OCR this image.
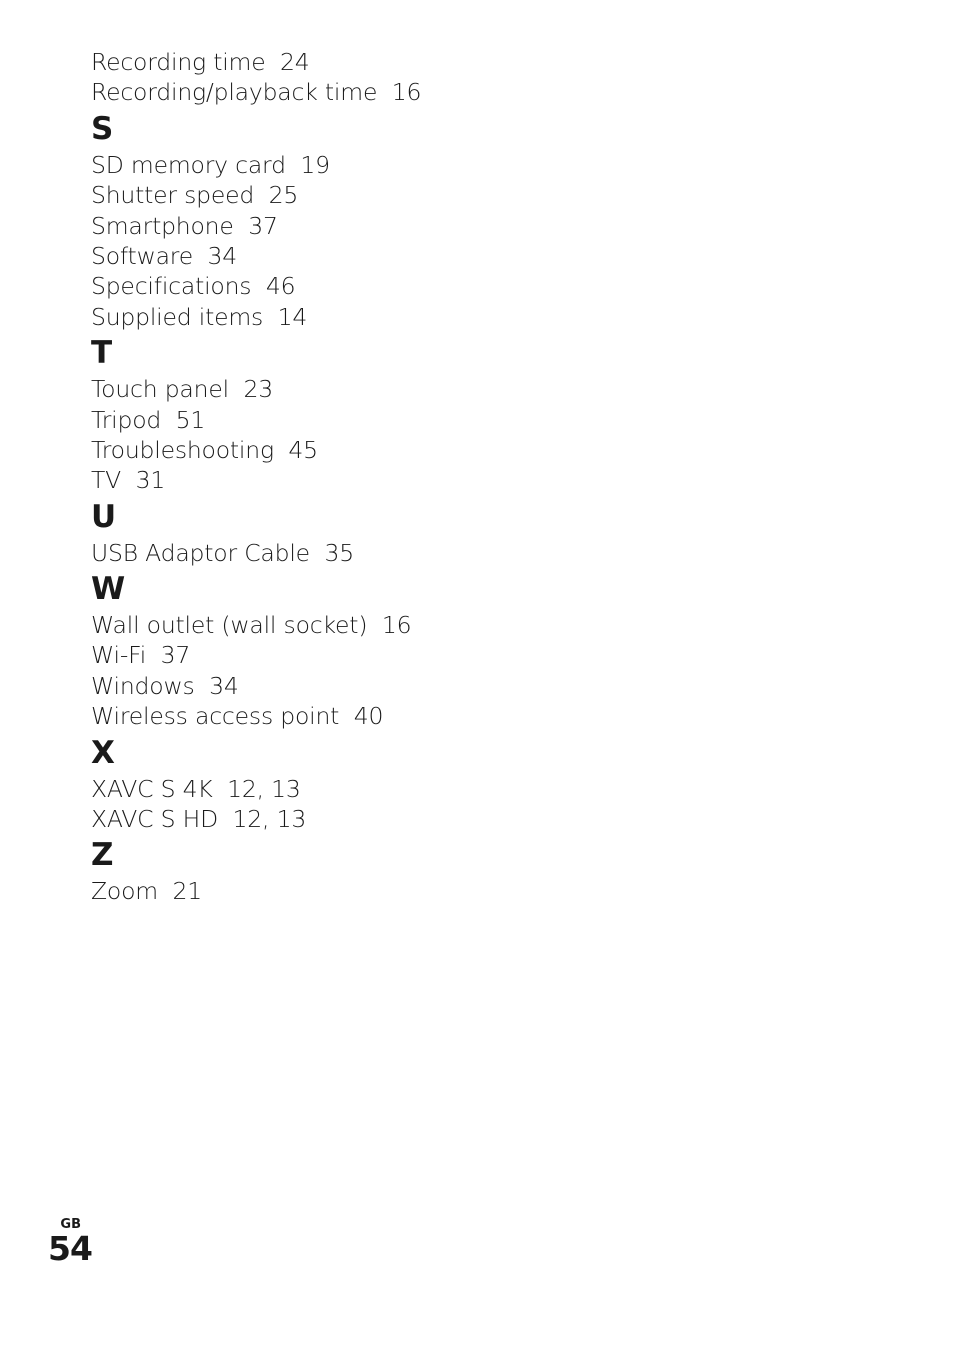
Recording time 24
Recording/playback time 16
S
SD memory card 19
Shutter speed 25
Smartphone 37
Software 34
Specifications 46
Supplied items 14
T
Touch panel 23
Tripod 51
Troubleshooting 45
TV 31
U
USB Adaptor Cable 35
W
Wall outlet (wall socket) 16
Wi-Fi 37
Windows 34
Wireless access point 40
X
XAVC S 4K 12, 13
XAVC S HD 12, 13
Z
Zoom 21
GB
54
